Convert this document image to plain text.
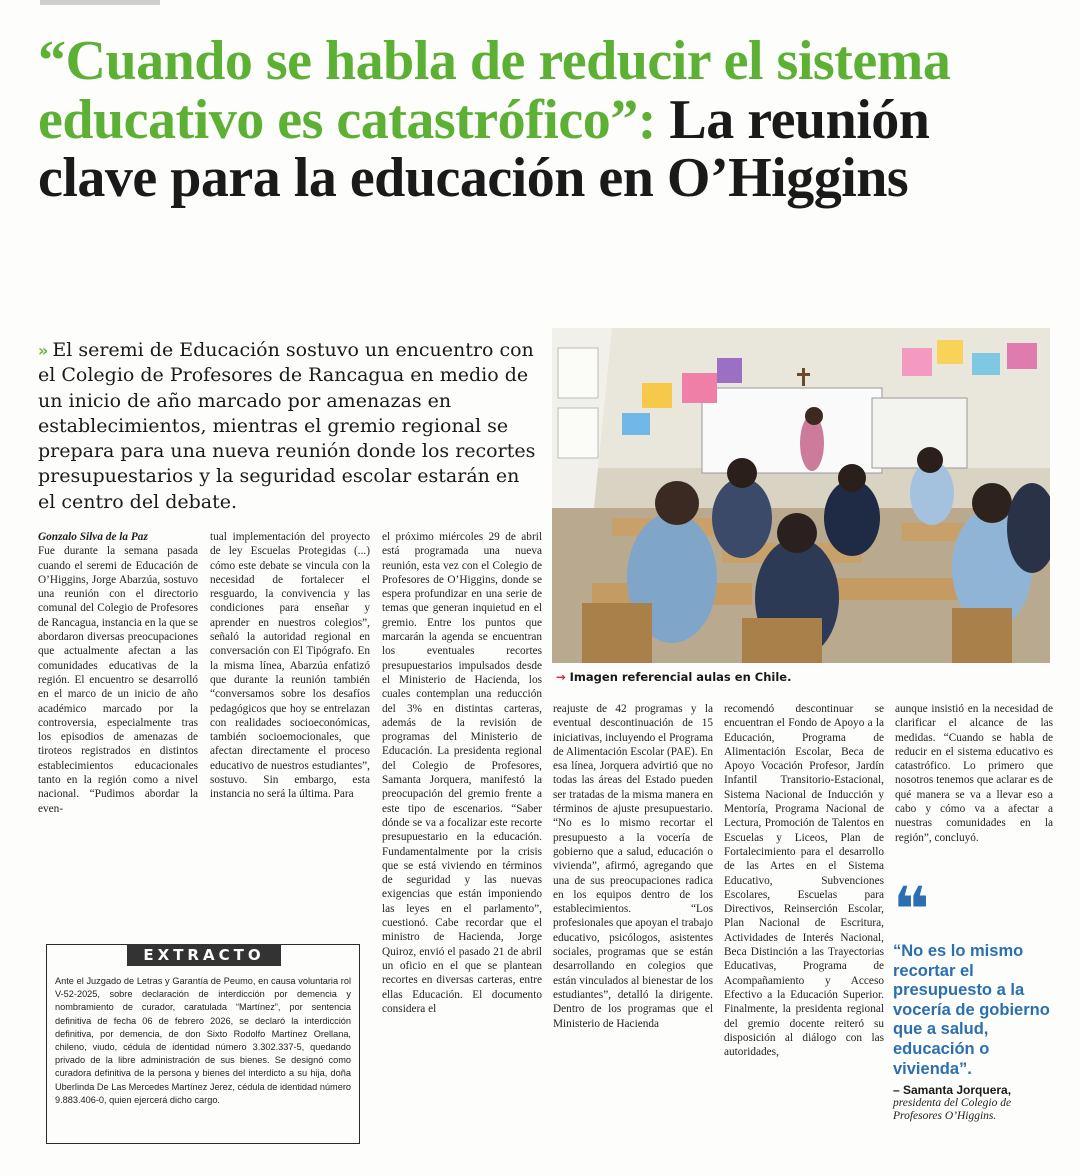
“Cuando se habla de reducir el sistema educativo es catastrófico”: La reunión clave para la educación en O’Higgins
» El seremi de Educación sostuvo un encuentro con el Colegio de Profesores de Rancagua en medio de un inicio de año marcado por amenazas en establecimientos, mientras el gremio regional se prepara para una nueva reunión donde los recortes presupuestarios y la seguridad escolar estarán en el centro del debate.
→ Imagen referencial aulas en Chile.

Gonzalo Silva de la Paz

Fue durante la semana pasada cuando el seremi de Educación de O’Higgins, Jorge Abarzúa, sostuvo una reunión con el directorio comunal del Colegio de Profesores de Rancagua, instancia en la que se abordaron diversas preocupaciones que actualmente afectan a las comunidades educativas de la región. El encuentro se desarrolló en el marco de un inicio de año académico marcado por la controversia, especialmente tras los episodios de amenazas de tiroteos registrados en distintos establecimientos educacionales tanto en la región como a nivel nacional. “Pudimos abordar la even-

tual implementación del proyecto de ley Escuelas Protegidas (...) cómo este debate se vincula con la necesidad de fortalecer el resguardo, la convivencia y las condiciones para enseñar y aprender en nuestros colegios”, señaló la autoridad regional en conversación con El Tipógrafo. En la misma línea, Abarzúa enfatizó que durante la reunión también “conversamos sobre los desafíos pedagógicos que hoy se entrelazan con realidades socioeconómicas, también socioemocionales, que afectan directamente el proceso educativo de nuestros estudiantes”, sostuvo. Sin embargo, esta instancia no será la última. Para

el próximo miércoles 29 de abril está programada una nueva reunión, esta vez con el Colegio de Profesores de O’Higgins, donde se espera profundizar en una serie de temas que generan inquietud en el gremio. Entre los puntos que marcarán la agenda se encuentran los eventuales recortes presupuestarios impulsados desde el Ministerio de Hacienda, los cuales contemplan una reducción del 3% en distintas carteras, además de la revisión de programas del Ministerio de Educación. La presidenta regional del Colegio de Profesores, Samanta Jorquera, manifestó la preocupación del gremio frente a este tipo de escenarios. “Saber dónde se va a focalizar este recorte presupuestario en la educación. Fundamentalmente por la crisis que se está viviendo en términos de seguridad y las nuevas exigencias que están imponiendo las leyes en el parlamento”, cuestionó. Cabe recordar que el ministro de Hacienda, Jorge Quiroz, envió el pasado 21 de abril un oficio en el que se plantean recortes en diversas carteras, entre ellas Educación. El documento considera el

reajuste de 42 programas y la eventual descontinuación de 15 iniciativas, incluyendo el Programa de Alimentación Escolar (PAE). En esa línea, Jorquera advirtió que no todas las áreas del Estado pueden ser tratadas de la misma manera en términos de ajuste presupuestario. “No es lo mismo recortar el presupuesto a la vocería de gobierno que a salud, educación o vivienda”, afirmó, agregando que una de sus preocupaciones radica en los equipos dentro de los establecimientos. “Los profesionales que apoyan el trabajo educativo, psicólogos, asistentes sociales, programas que se están desarrollando en colegios que están vinculados al bienestar de los estudiantes”, detalló la dirigente. Dentro de los programas que el Ministerio de Hacienda

recomendó descontinuar se encuentran el Fondo de Apoyo a la Educación, Programa de Alimentación Escolar, Beca de Apoyo Vocación Profesor, Jardín Infantil Transitorio-Estacional, Sistema Nacional de Inducción y Mentoría, Programa Nacional de Lectura, Promoción de Talentos en Escuelas y Liceos, Plan de Fortalecimiento para el desarrollo de las Artes en el Sistema Educativo, Subvenciones Escolares, Escuelas para Directivos, Reinserción Escolar, Plan Nacional de Escritura, Actividades de Interés Nacional, Beca Distinción a las Trayectorias Educativas, Programa de Acompañamiento y Acceso Efectivo a la Educación Superior. Finalmente, la presidenta regional del gremio docente reiteró su disposición al diálogo con las autoridades,

aunque insistió en la necesidad de clarificar el alcance de las medidas. “Cuando se habla de reducir en el sistema educativo es catastrófico. Lo primero que nosotros tenemos que aclarar es de qué manera se va a llevar eso a cabo y cómo va a afectar a nuestras comunidades en la región”, concluyó.

EXTRACTO

Ante el Juzgado de Letras y Garantía de Peumo, en causa voluntaria rol V-52-2025, sobre declaración de interdicción por demencia y nombramiento de curador, caratulada “Martínez”, por sentencia definitiva de fecha 06 de febrero 2026, se declaró la interdicción definitiva, por demencia, de don Sixto Rodolfo Martínez Orellana, chileno, viudo, cédula de identidad número 3.302.337-5, quedando privado de la libre administración de sus bienes. Se designó como curadora definitiva de la persona y bienes del interdicto a su hija, doña Uberlinda De Las Mercedes Martínez Jerez, cédula de identidad número 9.883.406-0, quien ejercerá dicho cargo.

❝

“No es lo mismo recortar el presupuesto a la vocería de gobierno que a salud, educación o vivienda”.

– Samanta Jorquera,

presidenta del Colegio de Profesores O’Higgins.
